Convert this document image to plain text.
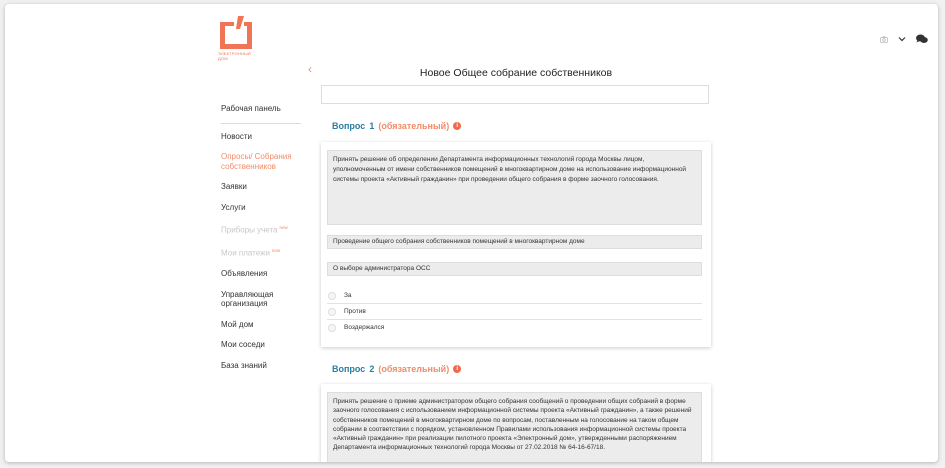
ЭЛЕКТРОННЫЙ
ДОМ
‹	Новое Общее собрание собственников
Рабочая панель
Новости
Опросы/ Собрания собственников
Заявки
Услуги
Приборы учета $^{new}$
Мои платежи $^{new}$
Объявления
Управляющая организация
Мой дом
Мои соседи
База знаний
Вопрос 1 (обязательный)	i
Принять решение об определении Департамента информационных технологий города Москвы лицом, уполномоченным от имени собственников помещений в многоквартирном доме на использование информационной системы проекта «Активный гражданин» при проведении общего собрания в форме заочного голосования.
Проведение общего собрания собственников помещений в многоквартирном доме
О выборе администратора ОСС
За
Против
Воздержался
Вопрос 2 (обязательный)	i
Принять решение о приеме администратором общего собрания сообщений о проведении общих собраний в форме заочного голосования с использованием информационной системы проекта «Активный гражданин», а также решений собственников помещений в многоквартирном доме по вопросам, поставленным на голосование на таком общем собрании в соответствии с порядком, установленном Правилами использования информационной системы проекта «Активный гражданин» при реализации пилотного проекта «Электронный дом», утвержденными распоряжением Департамента информационных технологий города Москвы от 27.02.2018 № 64-16-67/18.
